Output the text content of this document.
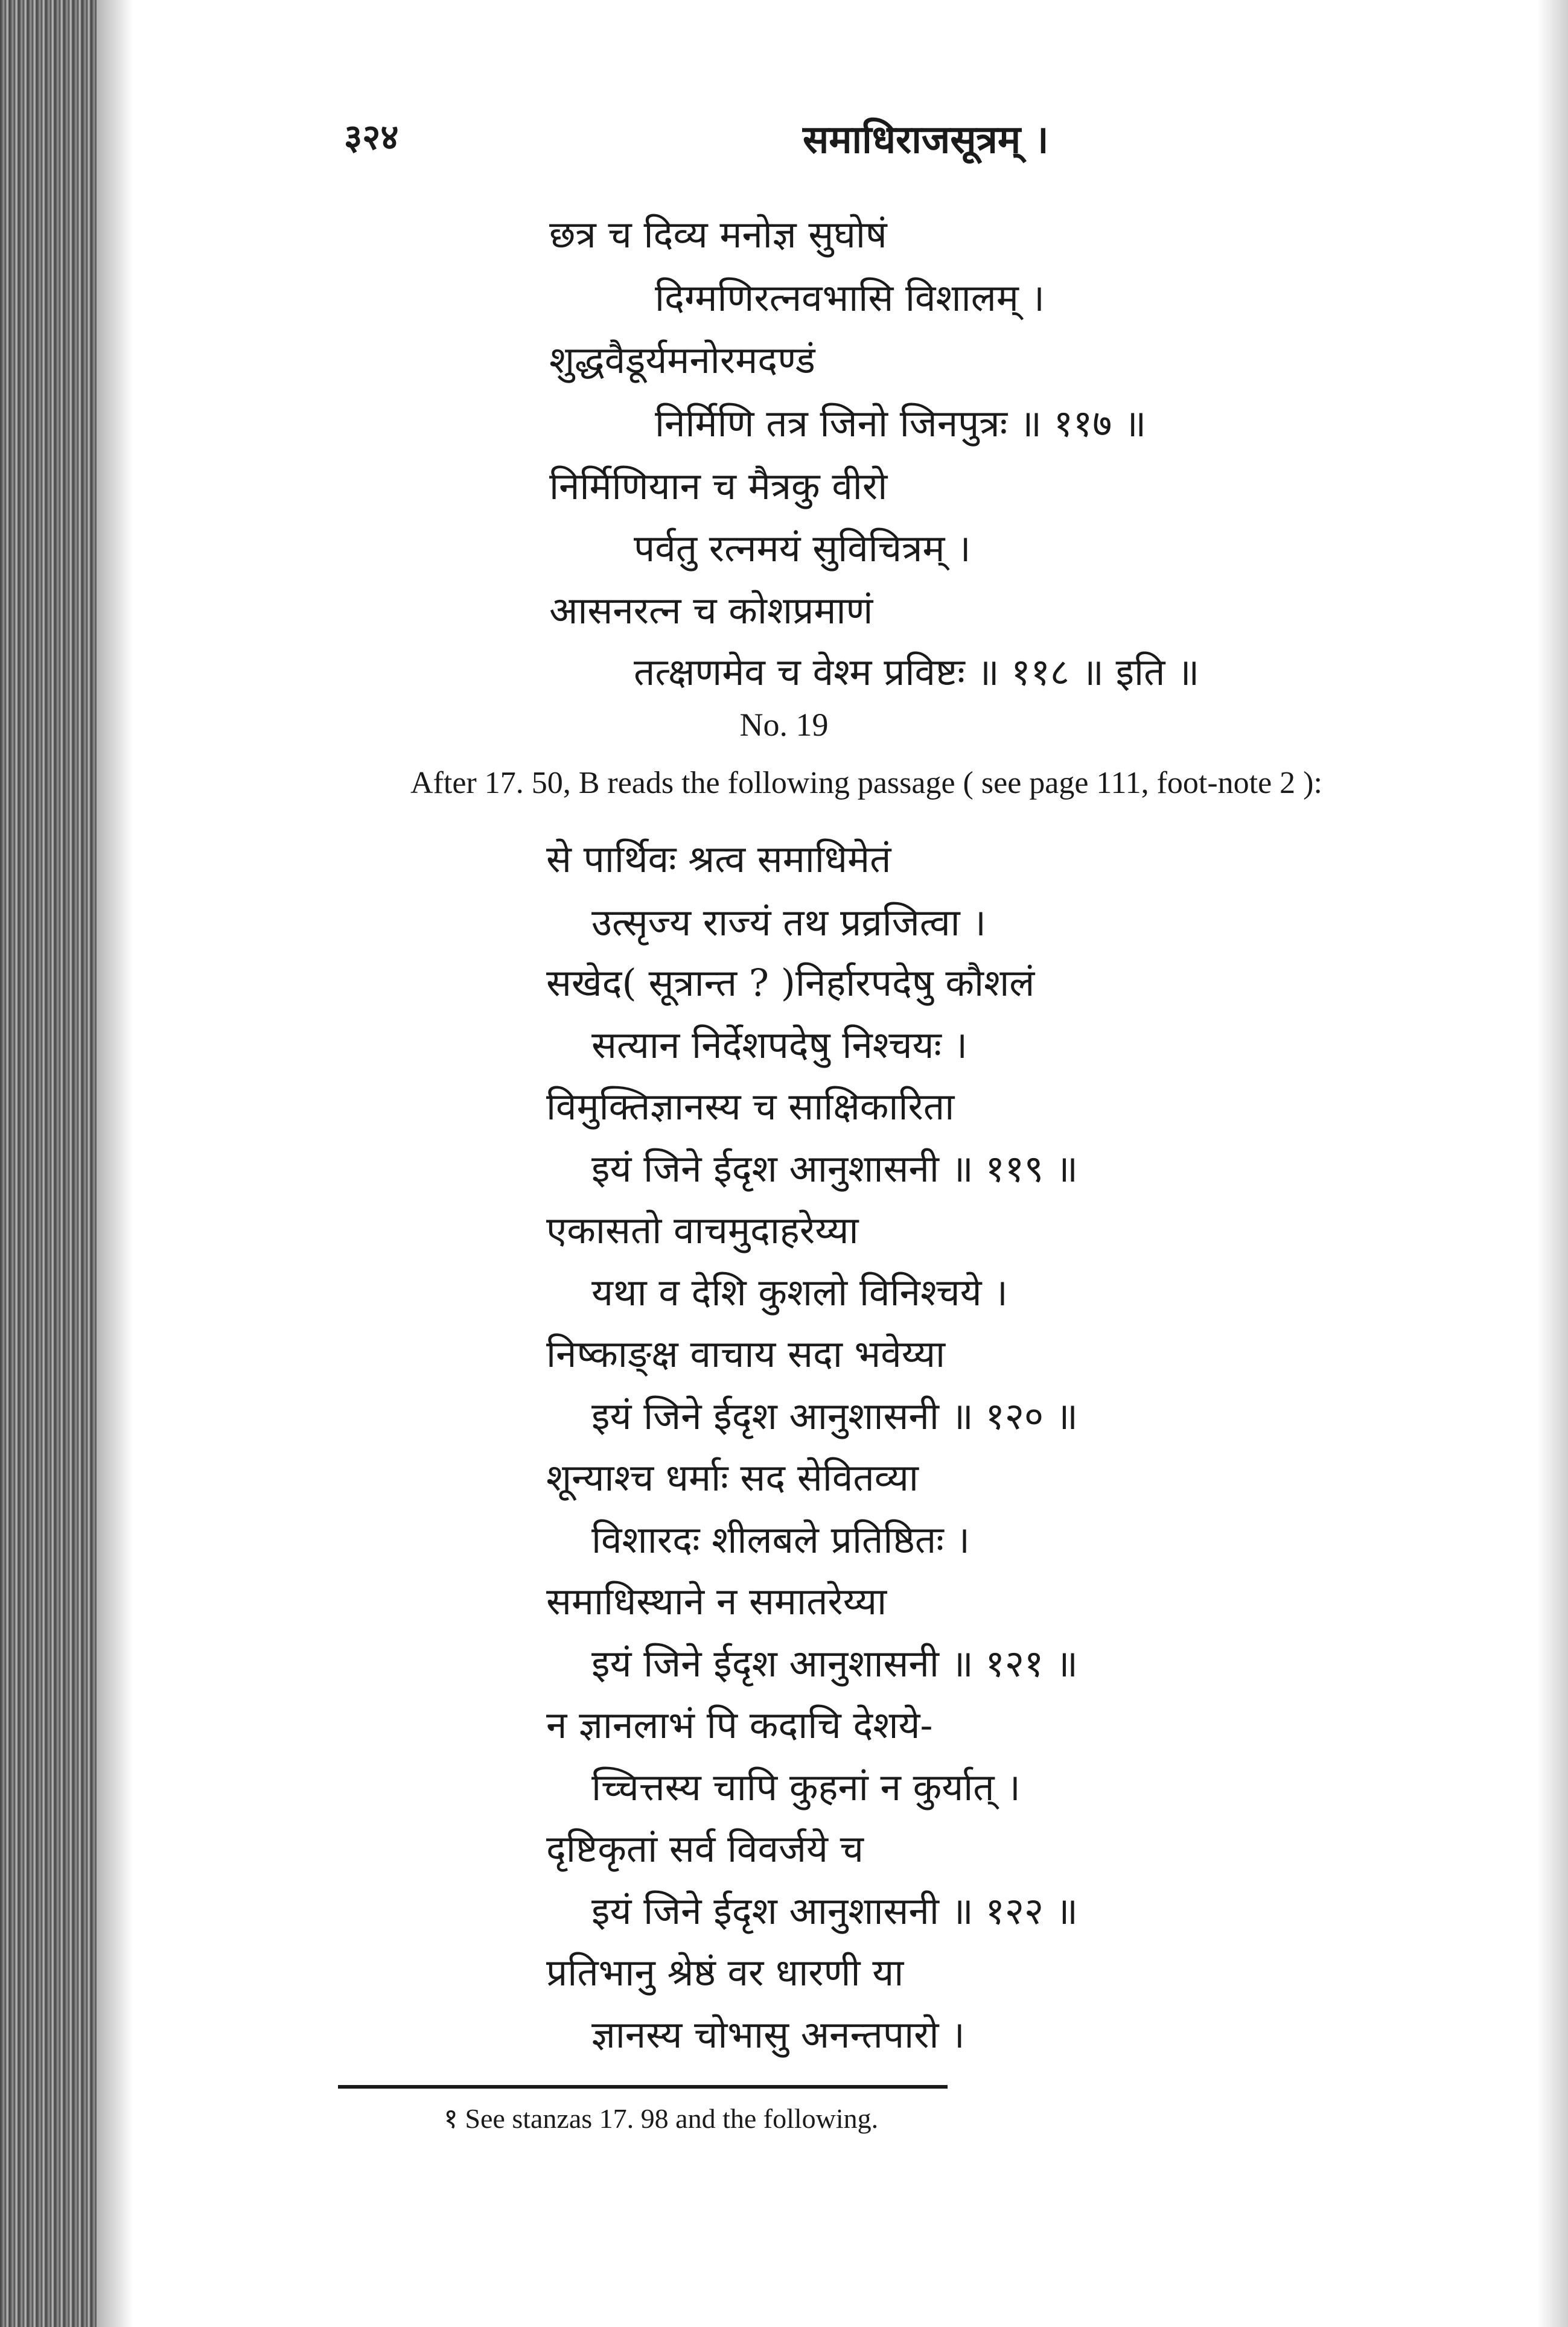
३२४	समाधिराजसूत्रम् ।
छत्र च दिव्य मनोज्ञ सुघोषं
दिग्मणिरत्नवभासि विशालम् ।
शुद्धवैडूर्यमनोरमदण्डं
निर्मिणि तत्र जिनो जिनपुत्रः ॥ ११७ ॥
निर्मिणियान च मैत्रकु वीरो
पर्वतु रत्नमयं सुविचित्रम् ।
आसनरत्न च कोशप्रमाणं
तत्क्षणमेव च वेश्म प्रविष्टः ॥ ११८ ॥ इति ॥
No. 19
After 17. 50, B reads the following passage ( see page 111, foot-note 2 ):
से पार्थिवः श्रत्व समाधिमेतं
उत्सृज्य राज्यं तथ प्रव्रजित्वा ।
सखेद( सूत्रान्त ? )निर्हारपदेषु कौशलं
सत्यान निर्देशपदेषु निश्चयः ।
विमुक्तिज्ञानस्य च साक्षिकारिता
इयं जिने ईदृश आनुशासनी ॥ ११९ ॥
एकासतो वाचमुदाहरेय्या
यथा व देशि कुशलो विनिश्चये ।
निष्काङ्क्ष वाचाय सदा भवेय्या
इयं जिने ईदृश आनुशासनी ॥ १२० ॥
शून्याश्च धर्माः सद सेवितव्या
विशारदः शीलबले प्रतिष्ठितः ।
समाधिस्थाने न समातरेय्या
इयं जिने ईदृश आनुशासनी ॥ १२१ ॥
न ज्ञानलाभं पि कदाचि देशये-
च्चित्तस्य चापि कुहनां न कुर्यात् ।
दृष्टिकृतां सर्व विवर्जये च
इयं जिने ईदृश आनुशासनी ॥ १२२ ॥
प्रतिभानु श्रेष्ठं वर धारणी या
ज्ञानस्य चोभासु अनन्तपारो ।
१ See stanzas 17. 98 and the following.
